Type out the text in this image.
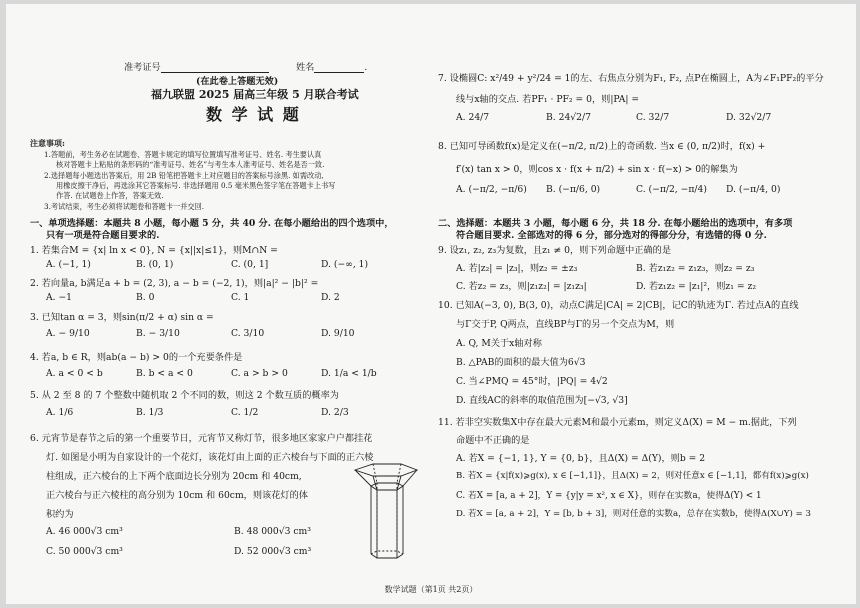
准考证号	姓名	.
(在此卷上答题无效)
福九联盟 2025 届高三年级 5 月联合考试
数 学 试 题
注意事项:
1.答题前，考生务必在试题卷、答题卡规定的填写位置填写准考证号、姓名. 考生要认真
核对答题卡上粘贴的条形码的“准考证号、姓名”与考生本人准考证号、姓名是否一致.
2.选择题每小题选出答案后，用 2B 铅笔把答题卡上对应题目的答案标号涂黑. 如需改动,
用橡皮擦干净后，再选涂其它答案标号. 非选择题用 0.5 毫米黑色签字笔在答题卡上书写
作答. 在试题卷上作答，答案无效.
3.考试结束，考生必须将试题卷和答题卡一并交回.
一、单项选择题：本题共 8 小题，每小题 5 分，共 40 分. 在每小题给出的四个选项中，
只有一项是符合题目要求的.
1. 若集合M = {x| ln x < 0}, N = {x||x|≤1}，则M∩N =
A. (−1, 1)	B. (0, 1)	C. (0, 1]	D. (−∞, 1)
2. 若向量a, b满足a + b = (2, 3), a − b = (−2, 1)，则|a|² − |b|² =
A. −1	B. 0	C. 1	D. 2
3. 已知tan α = 3，则sin(π/2 + α) sin α =
A. − 9/10	B. − 3/10	C. 3/10	D. 9/10
4. 若a, b ∈ R，则ab(a − b) > 0的一个充要条件是
A. a < 0 < b	B. b < a < 0	C. a > b > 0	D. 1/a < 1/b
5. 从 2 至 8 的 7 个整数中随机取 2 个不同的数，则这 2 个数互质的概率为
A. 1/6	B. 1/3	C. 1/2	D. 2/3
6. 元宵节是春节之后的第一个重要节日，元宵节又称灯节，很多地区家家户户都挂花
灯. 如图是小明为自家设计的一个花灯，该花灯由上面的正六棱台与下面的正六棱
柱组成，正六棱台的上下两个底面边长分别为 20cm 和 40cm,
正六棱台与正六棱柱的高分别为 10cm 和 60cm，则该花灯的体
积约为
A. 46 000√3 cm³	B. 48 000√3 cm³
C. 50 000√3 cm³	D. 52 000√3 cm³
7. 设椭圆C: x²/49 + y²/24 = 1的左、右焦点分别为F₁, F₂, 点P在椭圆上，A为∠F₁PF₂的平分
线与x轴的交点. 若PF₁ · PF₂ = 0，则|PA| =
A. 24/7	B. 24√2/7	C. 32/7	D. 32√2/7
8. 已知可导函数f(x)是定义在(−π/2, π/2)上的奇函数. 当x ∈ (0, π/2)时，f(x) +
f′(x) tan x > 0，则cos x · f(x + π/2) + sin x · f(−x) > 0的解集为
A. (−π/2, −π/6) B. (−π/6, 0)	C. (−π/2, −π/4) D. (−π/4, 0)
二、选择题：本题共 3 小题，每小题 6 分，共 18 分. 在每小题给出的选项中，有多项
符合题目要求. 全部选对的得 6 分，部分选对的得部分分，有选错的得 0 分.
9. 设z₁, z₂, z₃为复数，且z₁ ≠ 0，则下列命题中正确的是
A. 若|z₂| = |z₃|，则z₂ = ±z₃	B. 若z₁z₂ = z₁z₃，则z₂ = z₃
C. 若z₂ = z₃，则|z₁z₂| = |z₁z₃|	D. 若z₁z₂ = |z₁|²，则z₁ = z₂
10. 已知A(−3, 0), B(3, 0)，动点C满足|CA| = 2|CB|，记C的轨迹为Γ. 若过点A的直线
与Γ交于P, Q两点，直线BP与Γ的另一个交点为M，则
A. Q, M关于x轴对称
B. △PAB的面积的最大值为6√3
C. 当∠PMQ = 45°时，|PQ| = 4√2
D. 直线AC的斜率的取值范围为[−√3, √3]
11. 若非空实数集X中存在最大元素M和最小元素m，则定义Δ(X) = M − m.据此，下列
命题中不正确的是
A. 若X = {−1, 1}, Y = {0, b}，且Δ(X) = Δ(Y)，则b = 2
B. 若X = {x|f(x)⩾g(x), x ∈ [−1,1]}，且Δ(X) = 2，则对任意x ∈ [−1,1]，都有f(x)⩾g(x)
C. 若X = [a, a + 2]，Y = {y|y = x², x ∈ X}，则存在实数a，使得Δ(Y) < 1
D. 若X = [a, a + 2]，Y = [b, b + 3]，则对任意的实数a，总存在实数b，使得Δ(X∪Y) = 3
数学试题（第1页 共2页）
